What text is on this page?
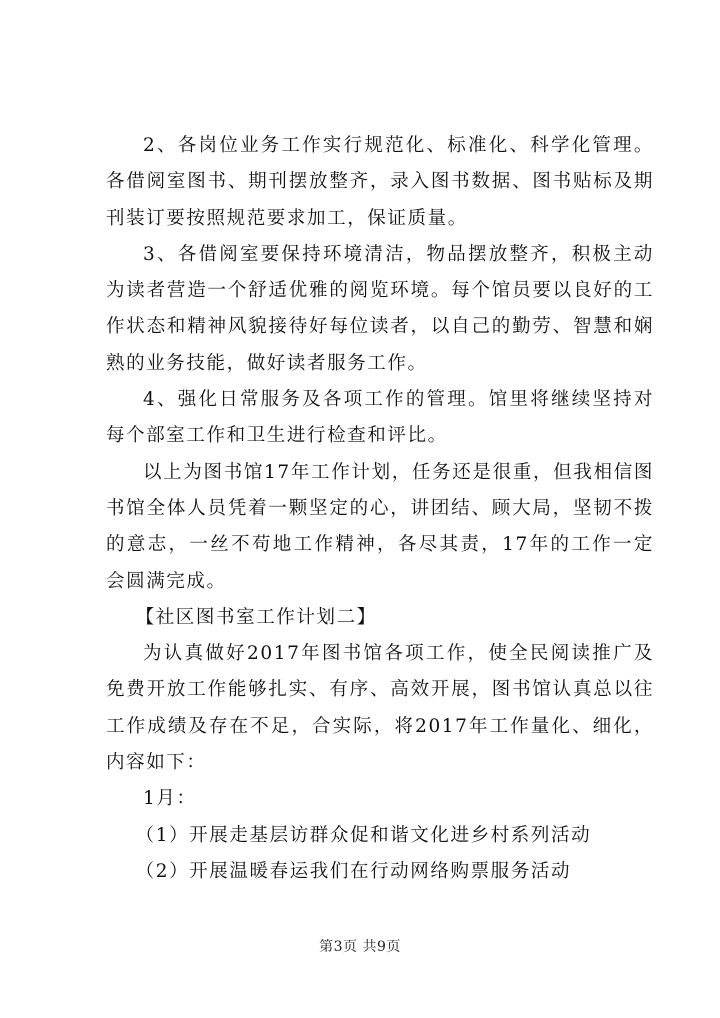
2、各岗位业务工作实行规范化、标准化、科学化管理。各借阅室图书、期刊摆放整齐，录入图书数据、图书贴标及期刊装订要按照规范要求加工，保证质量。

3、各借阅室要保持环境清洁，物品摆放整齐，积极主动为读者营造一个舒适优雅的阅览环境。每个馆员要以良好的工作状态和精神风貌接待好每位读者，以自己的勤劳、智慧和娴熟的业务技能，做好读者服务工作。

4、强化日常服务及各项工作的管理。馆里将继续坚持对每个部室工作和卫生进行检查和评比。

以上为图书馆17年工作计划，任务还是很重，但我相信图书馆全体人员凭着一颗坚定的心，讲团结、顾大局，坚韧不拨的意志，一丝不苟地工作精神，各尽其责，17年的工作一定会圆满完成。

【社区图书室工作计划二】

为认真做好2017年图书馆各项工作，使全民阅读推广及免费开放工作能够扎实、有序、高效开展，图书馆认真总以往工作成绩及存在不足，合实际，将2017年工作量化、细化，内容如下：

1月：

（1）开展走基层访群众促和谐文化进乡村系列活动

（2）开展温暖春运我们在行动网络购票服务活动

第3页 共9页
